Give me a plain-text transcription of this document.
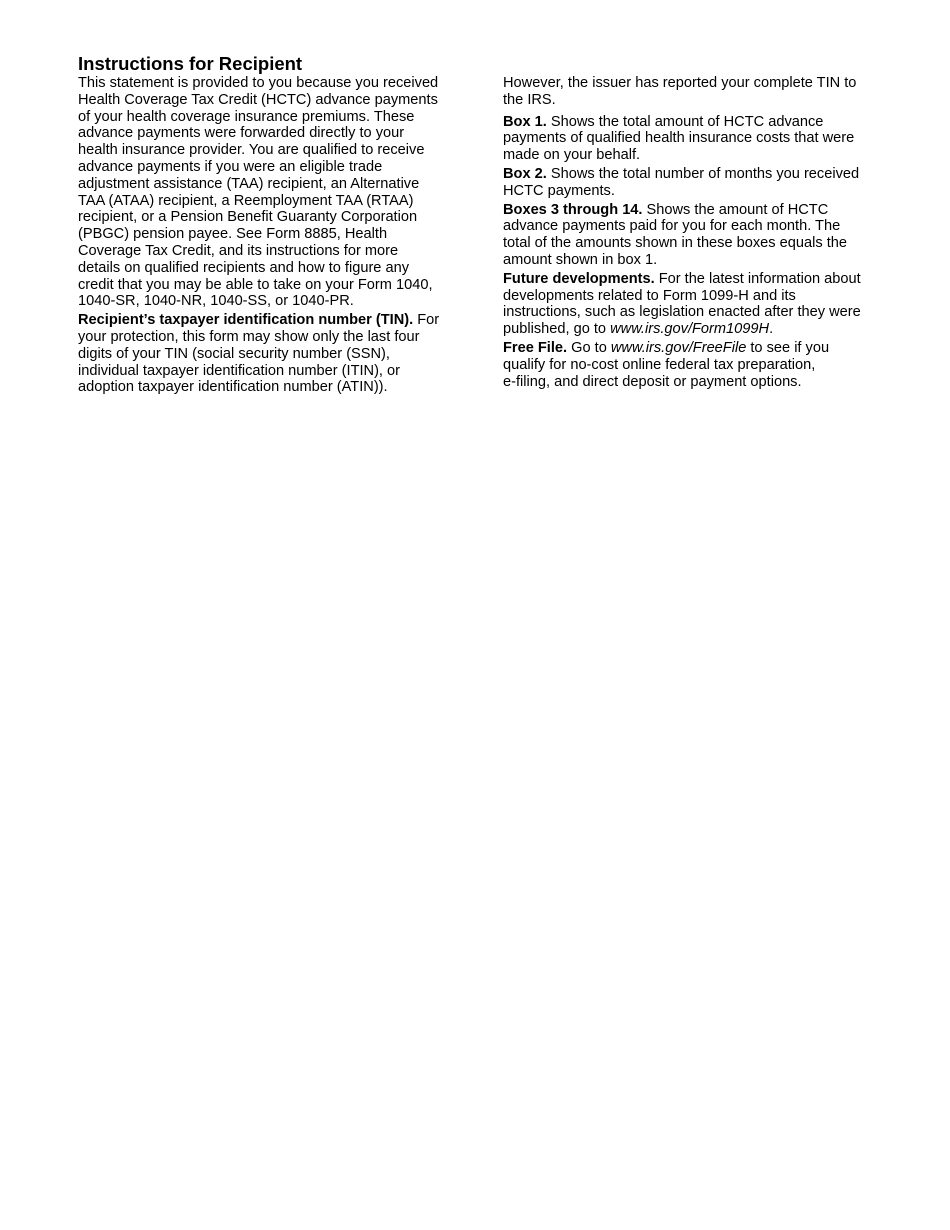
Instructions for Recipient

This statement is provided to you because you received
Health Coverage Tax Credit (HCTC) advance payments
of your health coverage insurance premiums. These
advance payments were forwarded directly to your
health insurance provider. You are qualified to receive
advance payments if you were an eligible trade
adjustment assistance (TAA) recipient, an Alternative
TAA (ATAA) recipient, a Reemployment TAA (RTAA)
recipient, or a Pension Benefit Guaranty Corporation
(PBGC) pension payee. See Form 8885, Health
Coverage Tax Credit, and its instructions for more
details on qualified recipients and how to figure any
credit that you may be able to take on your Form 1040,
1040-SR, 1040-NR, 1040-SS, or 1040-PR.

Recipient’s taxpayer identification number (TIN). For
your protection, this form may show only the last four
digits of your TIN (social security number (SSN),
individual taxpayer identification number (ITIN), or
adoption taxpayer identification number (ATIN)).

However, the issuer has reported your complete TIN to
the IRS.

Box 1. Shows the total amount of HCTC advance
payments of qualified health insurance costs that were
made on your behalf.

Box 2. Shows the total number of months you received
HCTC payments.

Boxes 3 through 14. Shows the amount of HCTC
advance payments paid for you for each month. The
total of the amounts shown in these boxes equals the
amount shown in box 1.

Future developments. For the latest information about
developments related to Form 1099-H and its
instructions, such as legislation enacted after they were
published, go to www.irs.gov/Form1099H.

Free File. Go to www.irs.gov/FreeFile to see if you
qualify for no-cost online federal tax preparation,
e-filing, and direct deposit or payment options.
